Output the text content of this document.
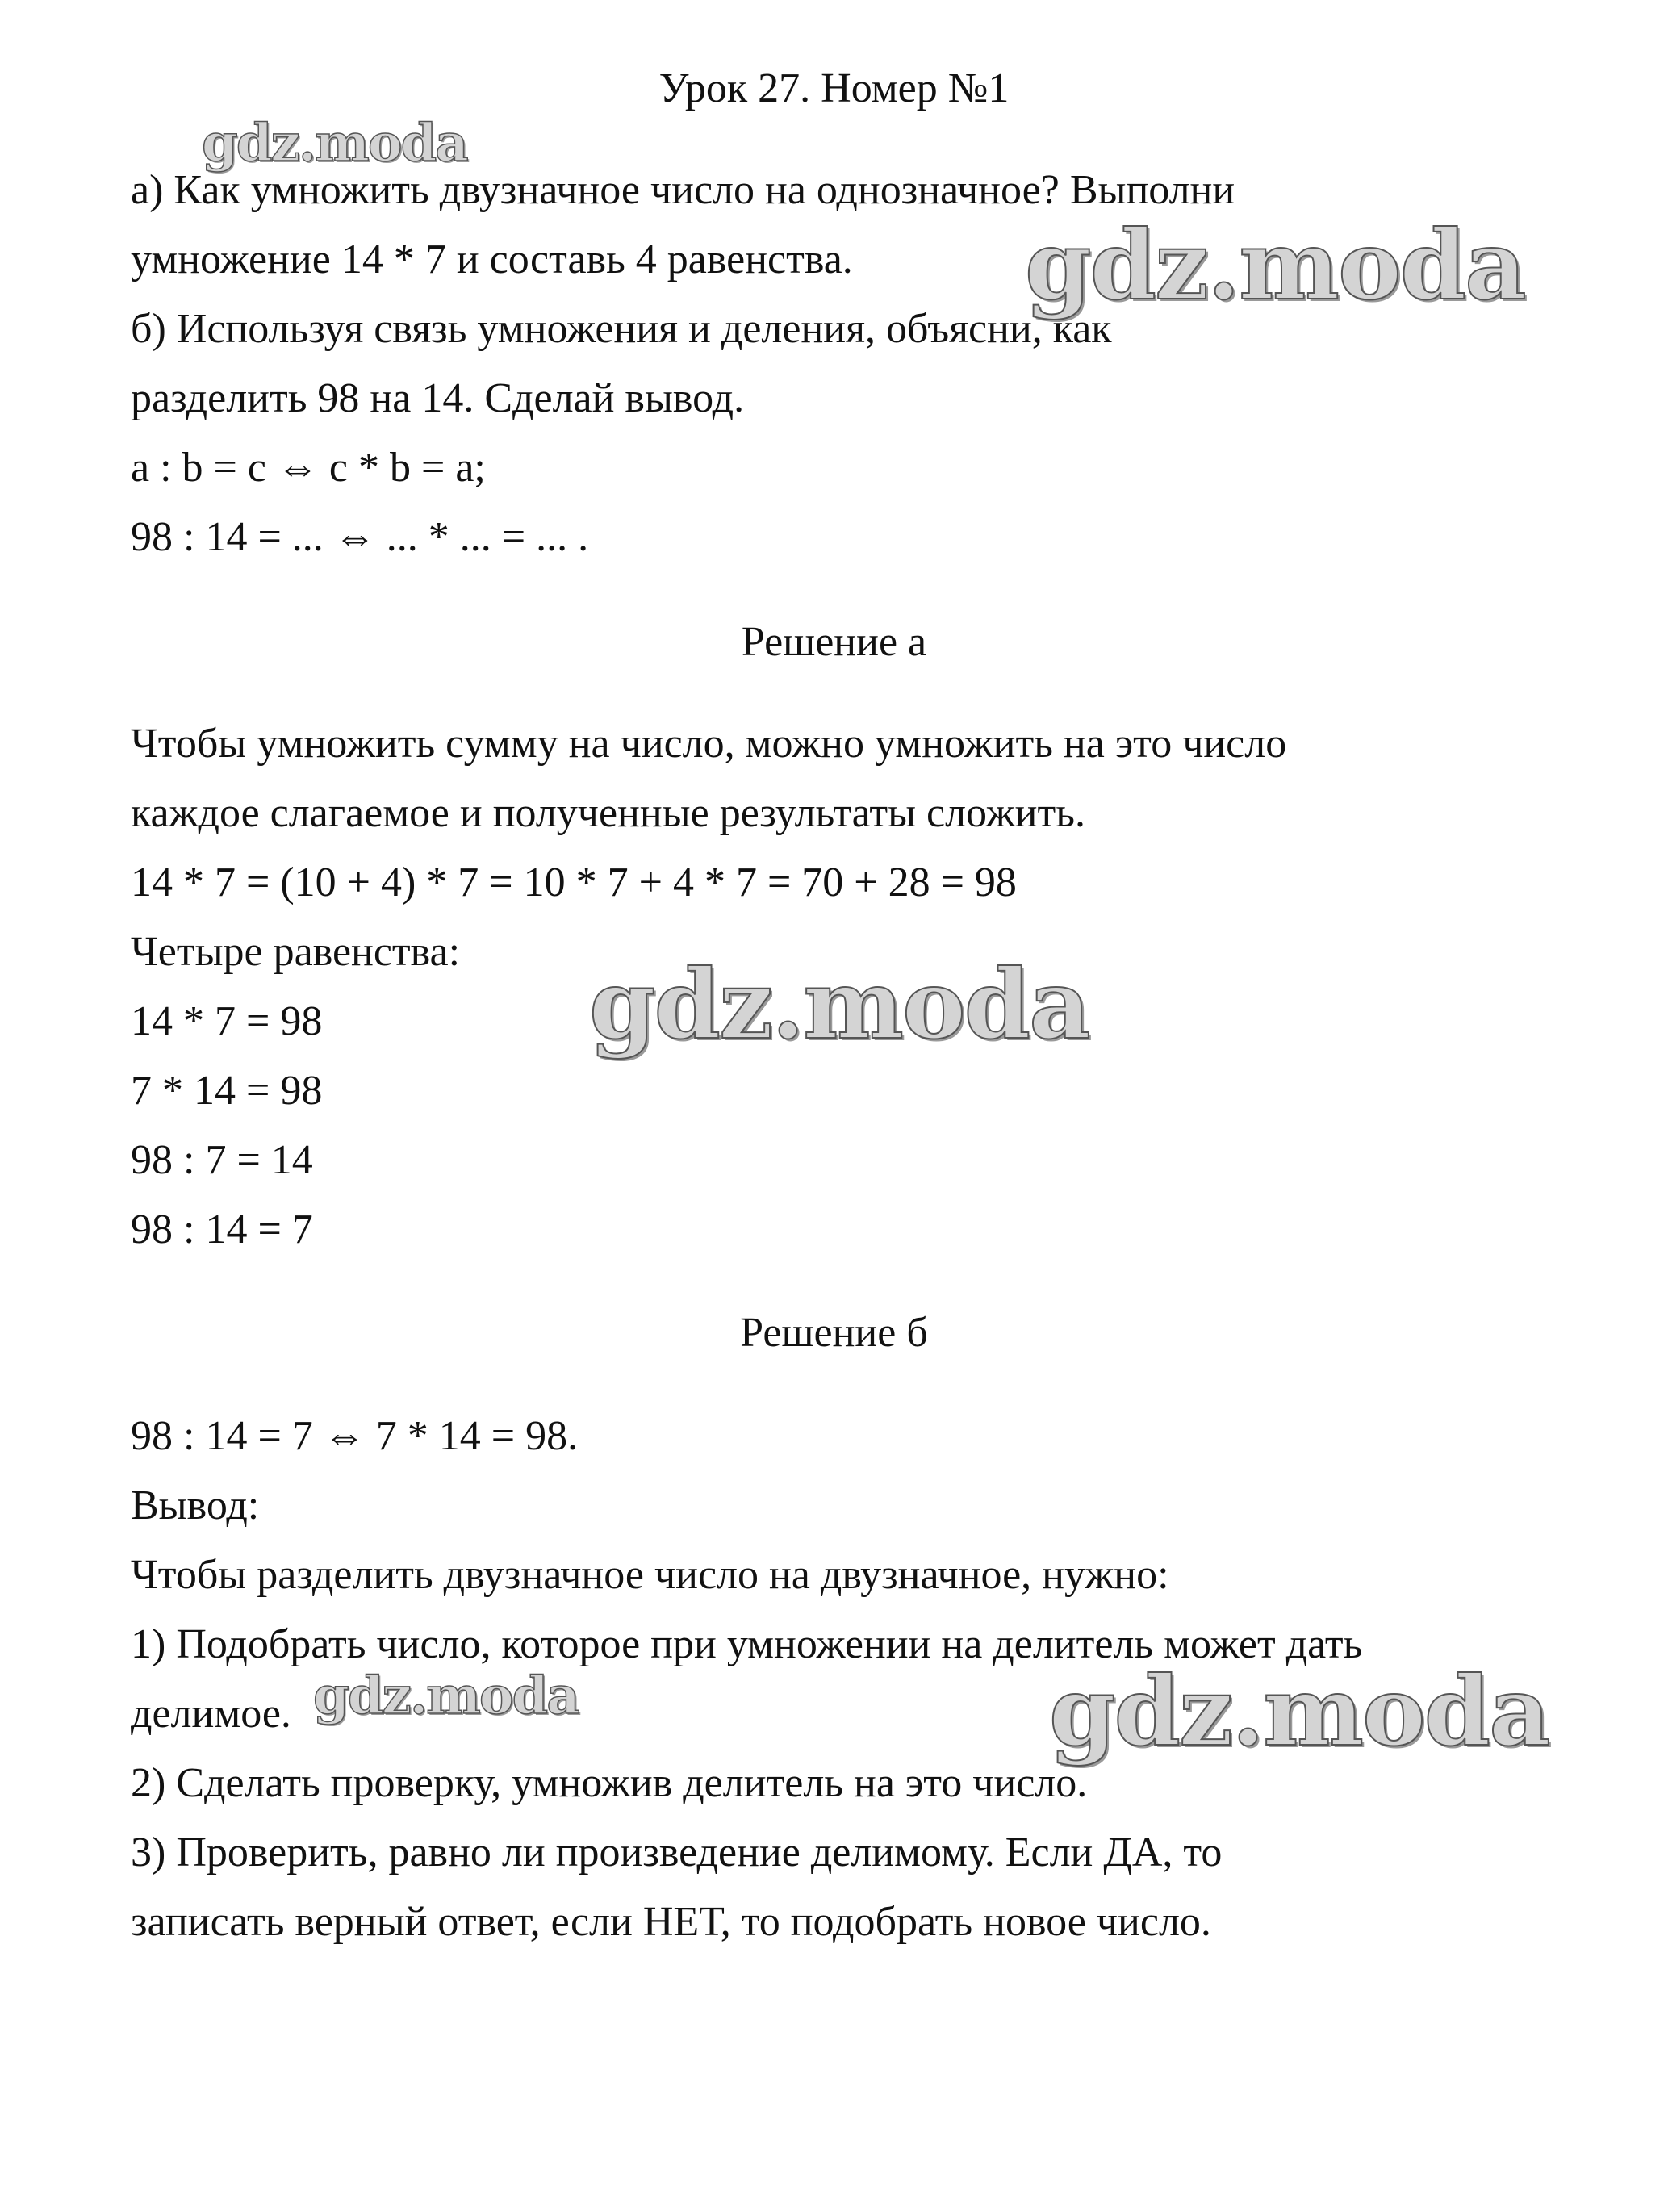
Урок 27. Номер №1

а) Как умножить двузначное число на однозначное? Выполни

умножение 14 * 7 и составь 4 равенства.

б) Используя связь умножения и деления, объясни, как

разделить 98 на 14. Сделай вывод.

a : b = c ⇔ c * b = a;

98 : 14 = ... ⇔ ... * ... = ... .

Решение а

Чтобы умножить сумму на число, можно умножить на это число

каждое слагаемое и полученные результаты сложить.

14 * 7 = (10 + 4) * 7 = 10 * 7 + 4 * 7 = 70 + 28 = 98

Четыре равенства:

14 * 7 = 98

7 * 14 = 98

98 : 7 = 14

98 : 14 = 7

Решение б

98 : 14 = 7 ⇔ 7 * 14 = 98.

Вывод:

Чтобы разделить двузначное число на двузначное, нужно:

1) Подобрать число, которое при умножении на делитель может дать

делимое.

2) Сделать проверку, умножив делитель на это число.

3) Проверить, равно ли произведение делимому. Если ДА, то

записать верный ответ, если НЕТ, то подобрать новое число.

gdz.moda
gdz.moda
gdz.moda
gdz.moda	gdz.moda
